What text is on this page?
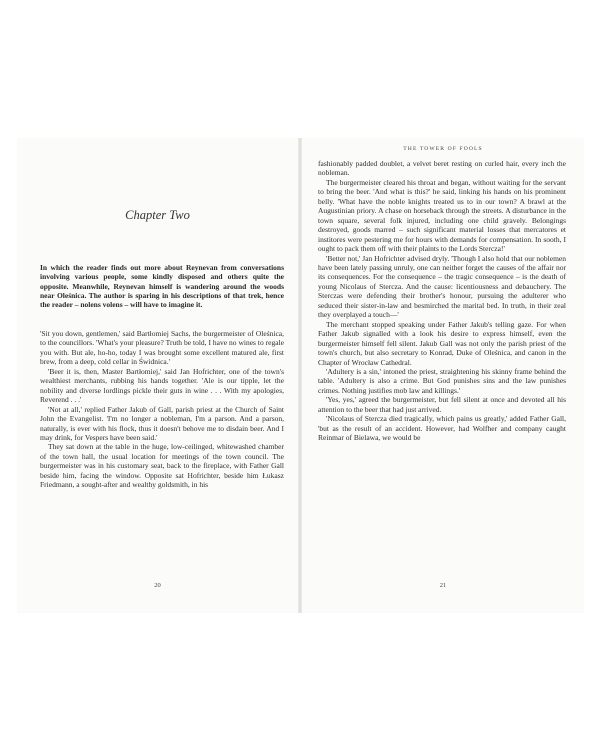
Chapter Two
In which the reader finds out more about Reynevan from conversations involving various people, some kindly disposed and others quite the opposite. Meanwhile, Reynevan himself is wandering around the woods near Oleśnica. The author is sparing in his descriptions of that trek, hence the reader – nolens volens – will have to imagine it.

'Sit you down, gentlemen,' said Bartłomiej Sachs, the burgermeister of Oleśnica, to the councillors. 'What's your pleasure? Truth be told, I have no wines to regale you with. But ale, ho-ho, today I was brought some excellent matured ale, first brew, from a deep, cold cellar in Świdnica.'

'Beer it is, then, Master Bartłomiej,' said Jan Hofrichter, one of the town's wealthiest merchants, rubbing his hands together. 'Ale is our tipple, let the nobility and diverse lordlings pickle their guts in wine . . . With my apologies, Reverend . . .'

'Not at all,' replied Father Jakub of Gall, parish priest at the Church of Saint John the Evangelist. 'I'm no longer a nobleman, I'm a parson. And a parson, naturally, is ever with his flock, thus it doesn't behove me to disdain beer. And I may drink, for Vespers have been said.'

They sat down at the table in the huge, low-ceilinged, whitewashed chamber of the town hall, the usual location for meetings of the town council. The burgermeister was in his customary seat, back to the fireplace, with Father Gall beside him, facing the window. Opposite sat Hofrichter, beside him Łukasz Friedmann, a sought-after and wealthy goldsmith, in his

20
THE TOWER OF FOOLS

fashionably padded doublet, a velvet beret resting on curled hair, every inch the nobleman.

The burgermeister cleared his throat and began, without waiting for the servant to bring the beer. 'And what is this?' he said, linking his hands on his prominent belly. 'What have the noble knights treated us to in our town? A brawl at the Augustinian priory. A chase on horseback through the streets. A disturbance in the town square, several folk injured, including one child gravely. Belongings destroyed, goods marred – such significant material losses that mercatores et institores were pestering me for hours with demands for compensation. In sooth, I ought to pack them off with their plaints to the Lords Stercza!'

'Better not,' Jan Hofrichter advised dryly. 'Though I also hold that our noblemen have been lately passing unruly, one can neither forget the causes of the affair nor its consequences. For the consequence – the tragic consequence – is the death of young Nicolaus of Stercza. And the cause: licentiousness and debauchery. The Sterczas were defending their brother's honour, pursuing the adulterer who seduced their sister-in-law and besmirched the marital bed. In truth, in their zeal they overplayed a touch—'

The merchant stopped speaking under Father Jakub's telling gaze. For when Father Jakub signalled with a look his desire to express himself, even the burgermeister himself fell silent. Jakub Gall was not only the parish priest of the town's church, but also secretary to Konrad, Duke of Oleśnica, and canon in the Chapter of Wrocław Cathedral.

'Adultery is a sin,' intoned the priest, straightening his skinny frame behind the table. 'Adultery is also a crime. But God punishes sins and the law punishes crimes. Nothing justifies mob law and killings.'

'Yes, yes,' agreed the burgermeister, but fell silent at once and devoted all his attention to the beer that had just arrived.

'Nicolaus of Stercza died tragically, which pains us greatly,' added Father Gall, 'but as the result of an accident. However, had Wolfher and company caught Reinmar of Bielawa, we would be

21
